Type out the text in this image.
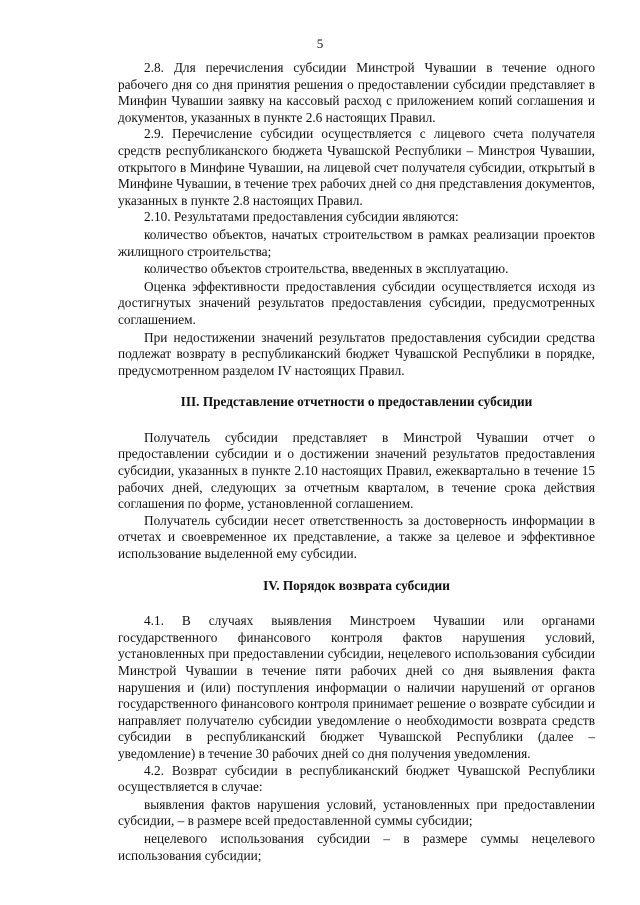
5

2.8. Для перечисления субсидии Минстрой Чувашии в течение одного рабочего дня со дня принятия решения о предоставлении субсидии представляет в Минфин Чувашии заявку на кассовый расход с приложением копий соглашения и документов, указанных в пункте 2.6 настоящих Правил.

2.9. Перечисление субсидии осуществляется с лицевого счета получателя средств республиканского бюджета Чувашской Республики – Минстроя Чувашии, открытого в Минфине Чувашии, на лицевой счет получателя субсидии, открытый в Минфине Чувашии, в течение трех рабочих дней со дня представления документов, указанных в пункте 2.8 настоящих Правил.

2.10. Результатами предоставления субсидии являются:

количество объектов, начатых строительством в рамках реализации проектов жилищного строительства;

количество объектов строительства, введенных в эксплуатацию.

Оценка эффективности предоставления субсидии осуществляется исходя из достигнутых значений результатов предоставления субсидии, предусмотренных соглашением.

При недостижении значений результатов предоставления субсидии средства подлежат возврату в республиканский бюджет Чувашской Республики в порядке, предусмотренном разделом IV настоящих Правил.

III. Представление отчетности о предоставлении субсидии

Получатель субсидии представляет в Минстрой Чувашии отчет о предоставлении субсидии и о достижении значений результатов предоставления субсидии, указанных в пункте 2.10 настоящих Правил, ежеквартально в течение 15 рабочих дней, следующих за отчетным кварталом, в течение срока действия соглашения по форме, установленной соглашением.

Получатель субсидии несет ответственность за достоверность информации в отчетах и своевременное их представление, а также за целевое и эффективное использование выделенной ему субсидии.

IV. Порядок возврата субсидии

4.1. В случаях выявления Минстроем Чувашии или органами государственного финансового контроля фактов нарушения условий, установленных при предоставлении субсидии, нецелевого использования субсидии Минстрой Чувашии в течение пяти рабочих дней со дня выявления факта нарушения и (или) поступления информации о наличии нарушений от органов государственного финансового контроля принимает решение о возврате субсидии и направляет получателю субсидии уведомление о необходимости возврата средств субсидии в республиканский бюджет Чувашской Республики (далее – уведомление) в течение 30 рабочих дней со дня получения уведомления.

4.2. Возврат субсидии в республиканский бюджет Чувашской Республики осуществляется в случае:

выявления фактов нарушения условий, установленных при предоставлении субсидии, – в размере всей предоставленной суммы субсидии;

нецелевого использования субсидии – в размере суммы нецелевого использования субсидии;
